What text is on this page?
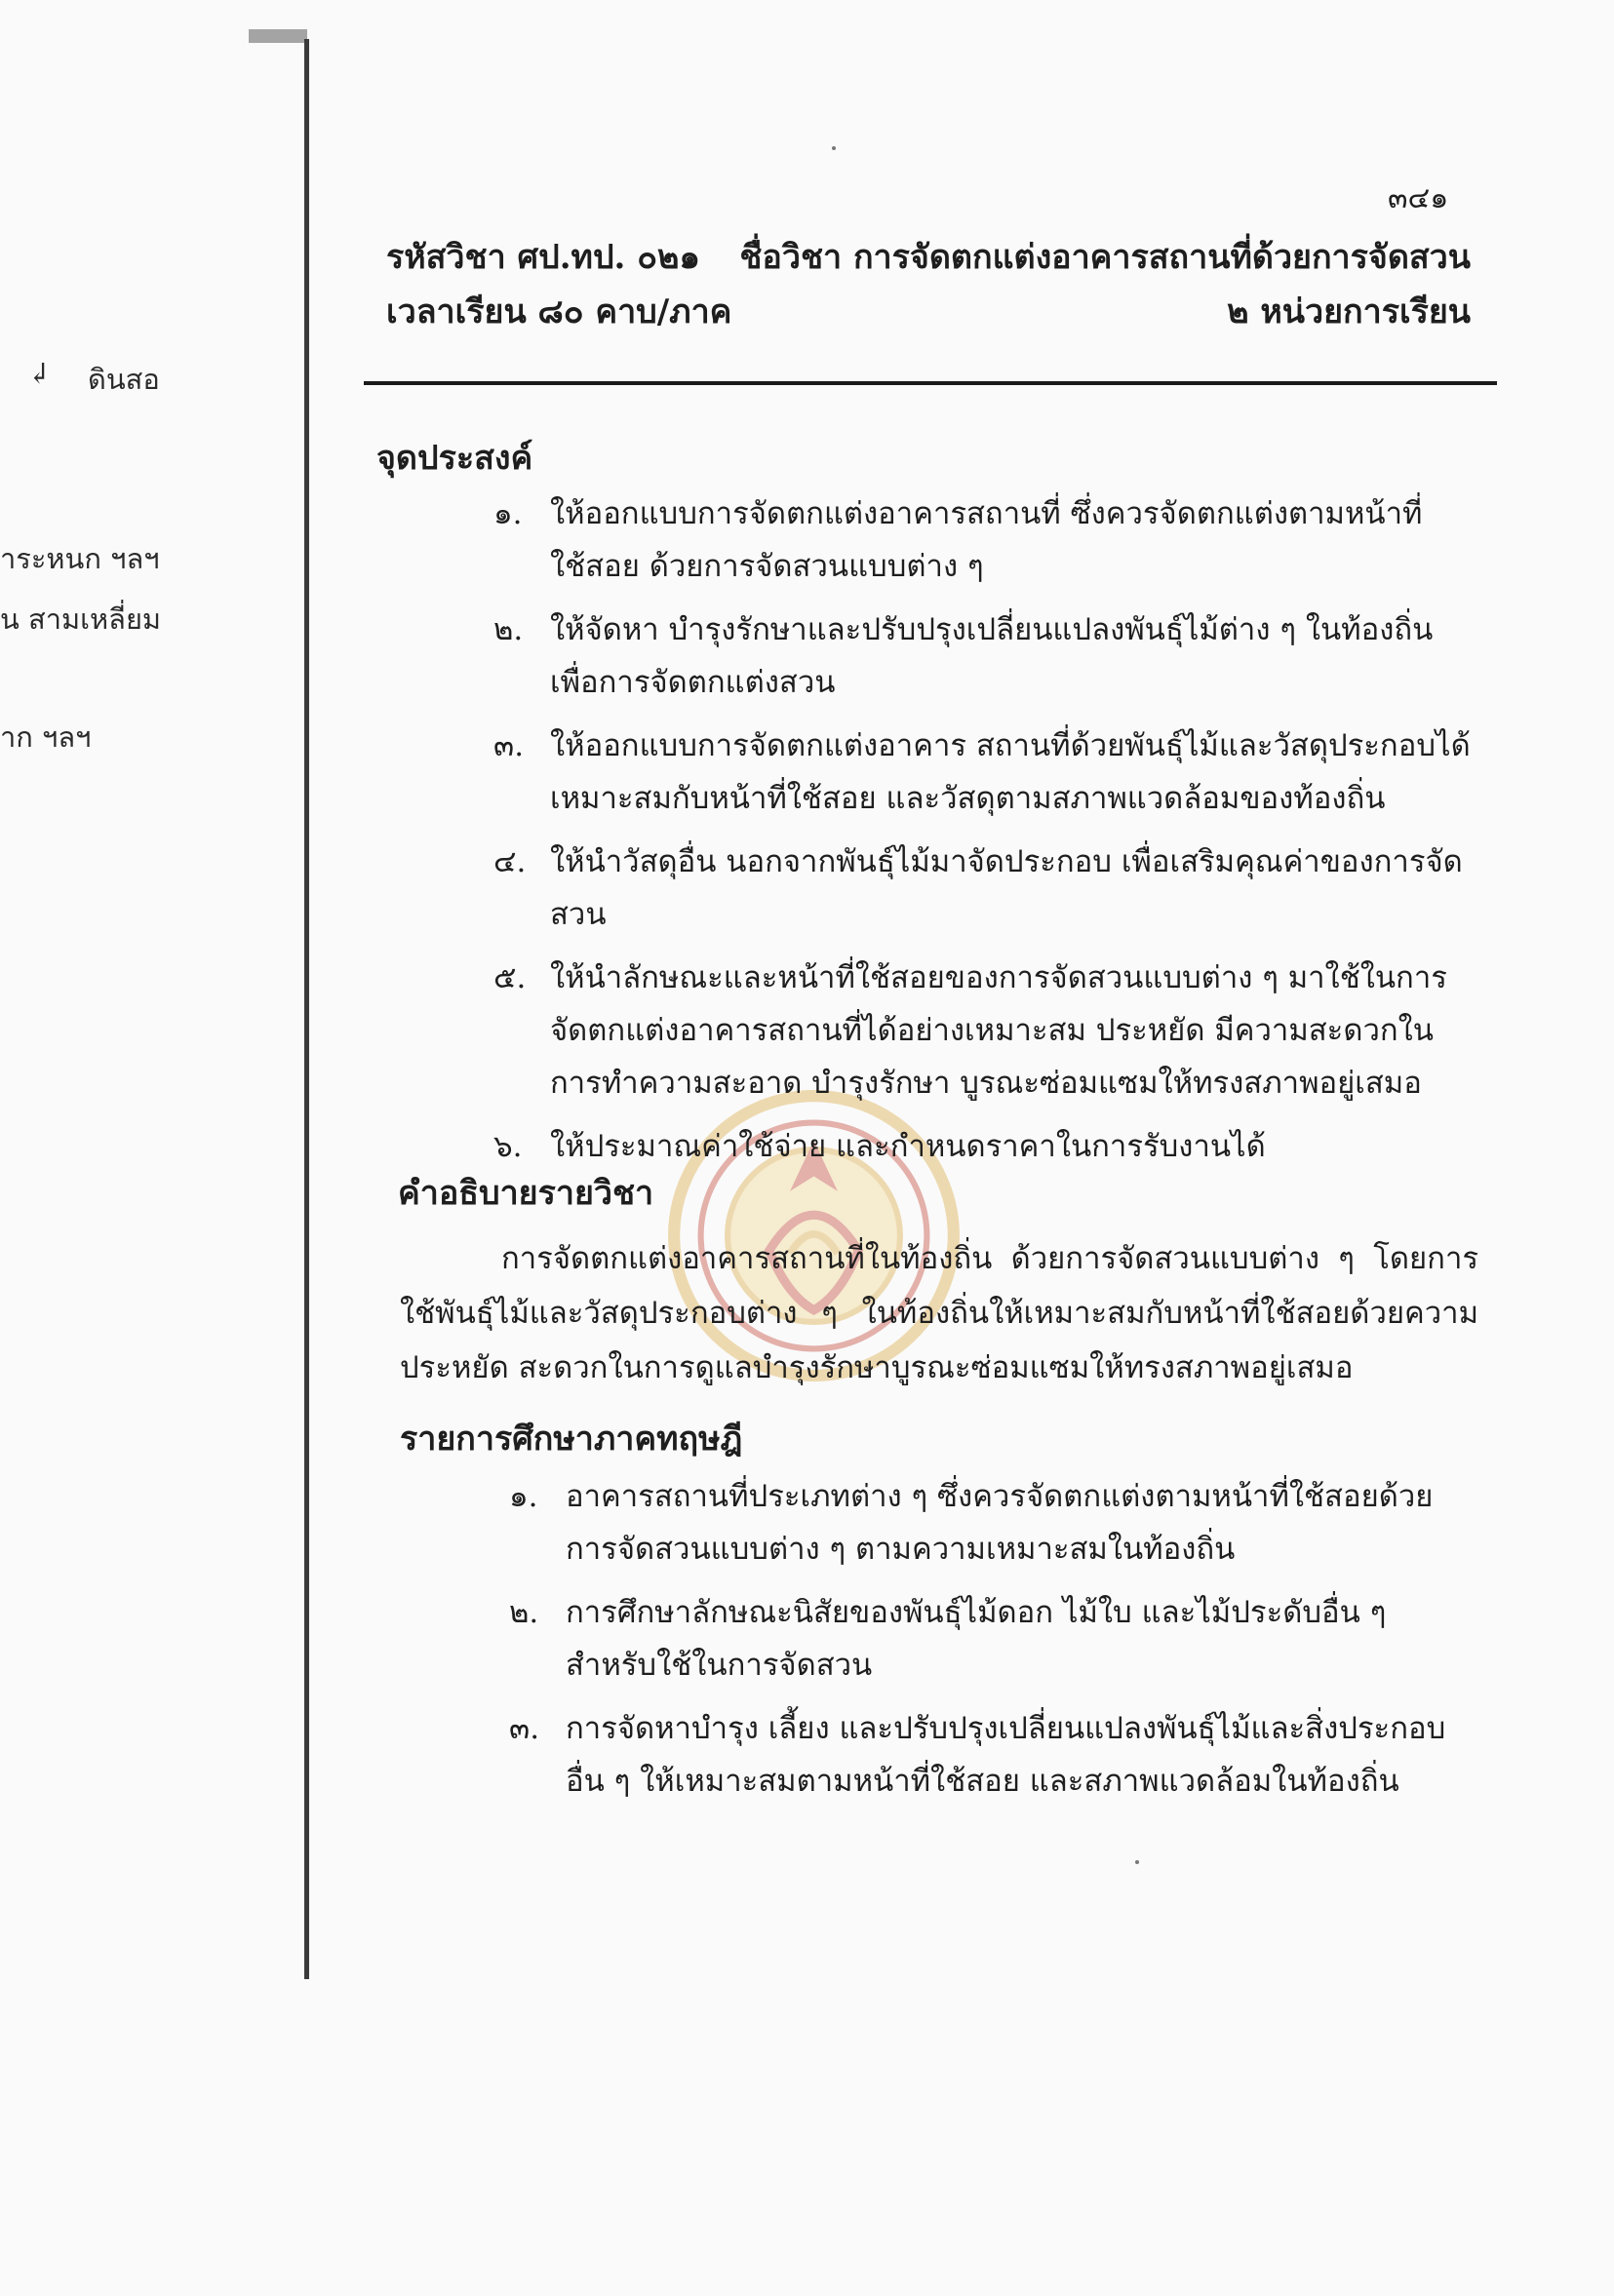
↲ ดินสอ
าระหนก ฯลฯ
น สามเหลี่ยม
าก ฯลฯ
๓๔๑
รหัสวิชา ศป.ทป. ๐๒๑ ชื่อวิชา การจัดตกแต่งอาคารสถานที่ด้วยการจัดสวน
เวลาเรียน ๘๐ คาบ/ภาค	๒ หน่วยการเรียน
จุดประสงค์
๑. ให้ออกแบบการจัดตกแต่งอาคารสถานที่ ซึ่งควรจัดตกแต่งตามหน้าที่ใช้สอย ด้วยการจัดสวนแบบต่าง ๆ
๒. ให้จัดหา บำรุงรักษาและปรับปรุงเปลี่ยนแปลงพันธุ์ไม้ต่าง ๆ ในท้องถิ่นเพื่อการจัดตกแต่งสวน
๓. ให้ออกแบบการจัดตกแต่งอาคาร สถานที่ด้วยพันธุ์ไม้และวัสดุประกอบได้เหมาะสมกับหน้าที่ใช้สอย และวัสดุตามสภาพแวดล้อมของท้องถิ่น
๔. ให้นำวัสดุอื่น นอกจากพันธุ์ไม้มาจัดประกอบ เพื่อเสริมคุณค่าของการจัดสวน
๕. ให้นำลักษณะและหน้าที่ใช้สอยของการจัดสวนแบบต่าง ๆ มาใช้ในการจัดตกแต่งอาคารสถานที่ได้อย่างเหมาะสม ประหยัด มีความสะดวกในการทำความสะอาด บำรุงรักษา บูรณะซ่อมแซมให้ทรงสภาพอยู่เสมอ
๖. ให้ประมาณค่าใช้จ่าย และกำหนดราคาในการรับงานได้
คำอธิบายรายวิชา

การจัดตกแต่งอาคารสถานที่ในท้องถิ่น ด้วยการจัดสวนแบบต่าง ๆ โดยการใช้พันธุ์ไม้และวัสดุประกอบต่าง ๆ ในท้องถิ่นให้เหมาะสมกับหน้าที่ใช้สอยด้วยความประหยัด สะดวกในการดูแลบำรุงรักษาบูรณะซ่อมแซมให้ทรงสภาพอยู่เสมอ

รายการศึกษาภาคทฤษฎี
๑. อาคารสถานที่ประเภทต่าง ๆ ซึ่งควรจัดตกแต่งตามหน้าที่ใช้สอยด้วยการจัดสวนแบบต่าง ๆ ตามความเหมาะสมในท้องถิ่น
๒. การศึกษาลักษณะนิสัยของพันธุ์ไม้ดอก ไม้ใบ และไม้ประดับอื่น ๆ สำหรับใช้ในการจัดสวน
๓. การจัดหาบำรุง เลี้ยง และปรับปรุงเปลี่ยนแปลงพันธุ์ไม้และสิ่งประกอบอื่น ๆ ให้เหมาะสมตามหน้าที่ใช้สอย และสภาพแวดล้อมในท้องถิ่น
